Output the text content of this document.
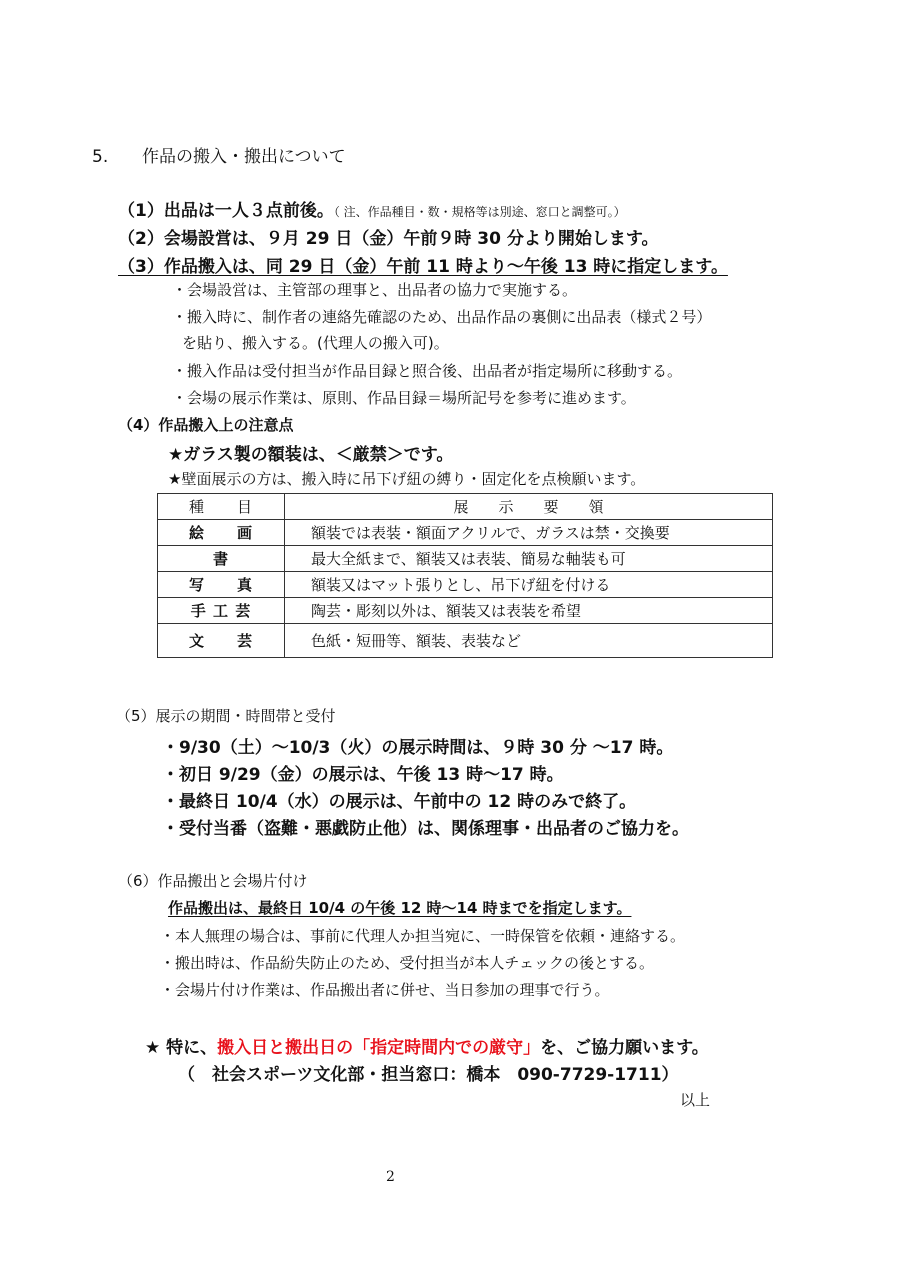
5. 作品の搬入・搬出について
（1）出品は一人３点前後。（ 注、作品種目・数・規格等は別途、窓口と調整可。）
（2）会場設営は、９月 29 日（金）午前９時 30 分より開始します。
（3）作品搬入は、同 29 日（金）午前 11 時より～午後 13 時に指定します。
・会場設営は、主管部の理事と、出品者の協力で実施する。
・搬入時に、制作者の連絡先確認のため、出品作品の裏側に出品表（様式２号）
を貼り、搬入する。(代理人の搬入可)。
・搬入作品は受付担当が作品目録と照合後、出品者が指定場所に移動する。
・会場の展示作業は、原則、作品目録＝場所記号を参考に進めます。
（4）作品搬入上の注意点
★ガラス製の額装は、＜厳禁＞です。
★壁面展示の方は、搬入時に吊下げ紐の縛り・固定化を点検願います。
種　　目	展　　示　　要　　領
絵　　画	額装では表装・額面アクリルで、ガラスは禁・交換要
書	最大全紙まで、額装又は表装、簡易な軸装も可
写　　真	額装又はマット張りとし、吊下げ紐を付ける
手 工 芸	陶芸・彫刻以外は、額装又は表装を希望
文　　芸	色紙・短冊等、額装、表装など
（5）展示の期間・時間帯と受付
・9/30（土）～10/3（火）の展示時間は、９時 30 分 ～17 時。
・初日 9/29（金）の展示は、午後 13 時～17 時。
・最終日 10/4（水）の展示は、午前中の 12 時のみで終了。
・受付当番（盗難・悪戯防止他）は、関係理事・出品者のご協力を。
（6）作品搬出と会場片付け
作品搬出は、最終日 10/4 の午後 12 時～14 時までを指定します。
・本人無理の場合は、事前に代理人か担当宛に、一時保管を依頼・連絡する。
・搬出時は、作品紛失防止のため、受付担当が本人チェックの後とする。
・会場片付け作業は、作品搬出者に併せ、当日参加の理事で行う。
★ 特に、搬入日と搬出日の「指定時間内での厳守」を、ご協力願います。
（　社会スポーツ文化部・担当窓口：橋本　090-7729-1711）
以上
2
